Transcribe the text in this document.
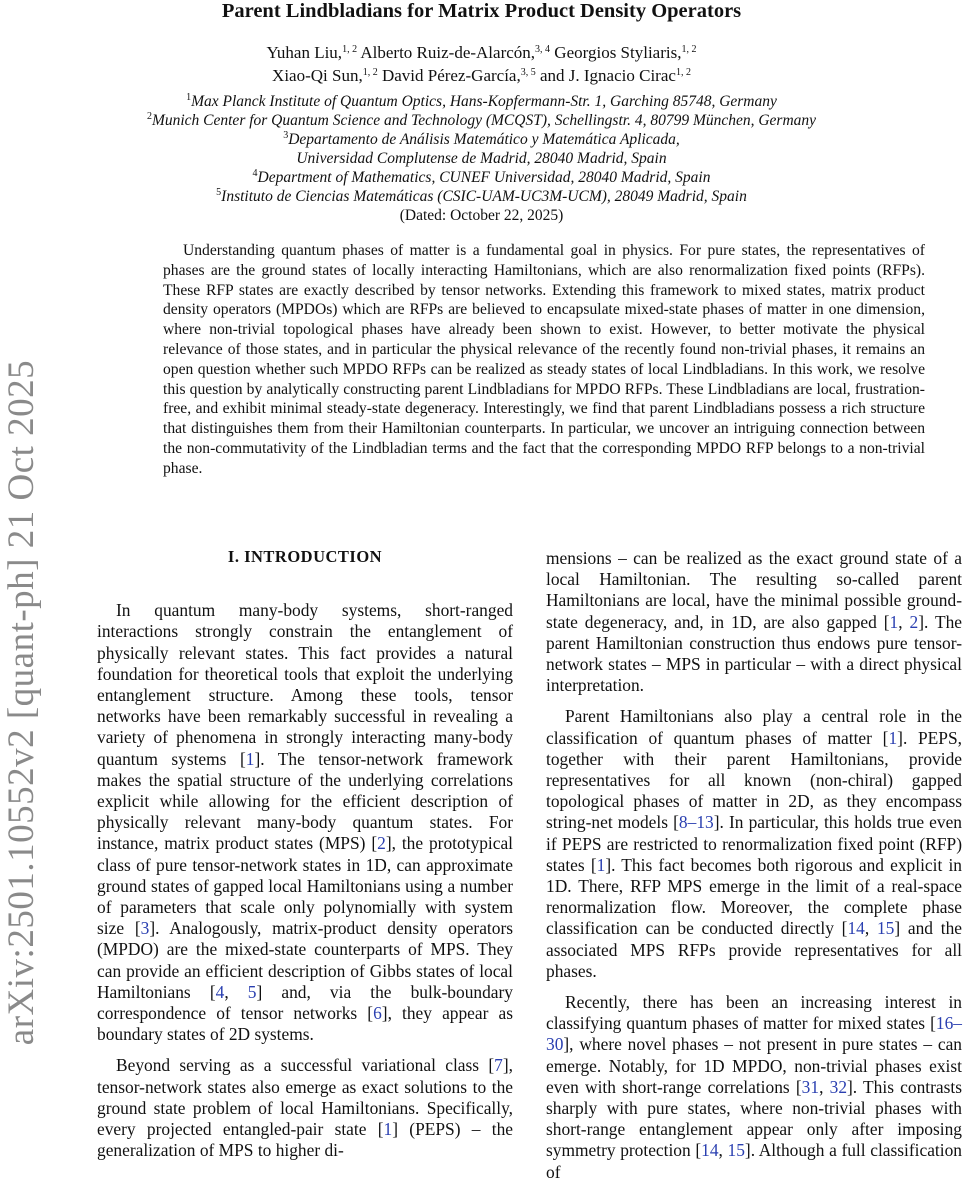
arXiv:2501.10552v2 [quant-ph] 21 Oct 2025
Parent Lindbladians for Matrix Product Density Operators
Yuhan Liu,$^{1, 2}$ Alberto Ruiz-de-Alarcón,$^{3, 4}$ Georgios Styliaris,$^{1, 2}$
Xiao-Qi Sun,$^{1, 2}$ David Pérez-García,$^{3, 5}$ and J. Ignacio Cirac$^{1, 2}$
$^1$Max Planck Institute of Quantum Optics, Hans-Kopfermann-Str. 1, Garching 85748, Germany
$^2$Munich Center for Quantum Science and Technology (MCQST), Schellingstr. 4, 80799 München, Germany
$^3$Departamento de Análisis Matemático y Matemática Aplicada,
Universidad Complutense de Madrid, 28040 Madrid, Spain
$^4$Department of Mathematics, CUNEF Universidad, 28040 Madrid, Spain
$^5$Instituto de Ciencias Matemáticas (CSIC-UAM-UC3M-UCM), 28049 Madrid, Spain
(Dated: October 22, 2025)
Understanding quantum phases of matter is a fundamental goal in physics. For pure states, the representatives of phases are the ground states of locally interacting Hamiltonians, which are also renormalization fixed points (RFPs). These RFP states are exactly described by tensor networks. Extending this framework to mixed states, matrix product density operators (MPDOs) which are RFPs are believed to encapsulate mixed-state phases of matter in one dimension, where non-trivial topological phases have already been shown to exist. However, to better motivate the physical relevance of those states, and in particular the physical relevance of the recently found non-trivial phases, it remains an open question whether such MPDO RFPs can be realized as steady states of local Lindbladians. In this work, we resolve this question by analytically constructing parent Lindbladians for MPDO RFPs. These Lindbladians are local, frustration-free, and exhibit minimal steady-state degeneracy. Interestingly, we find that parent Lindbladians possess a rich structure that distinguishes them from their Hamiltonian counterparts. In particular, we uncover an intriguing connection between the non-commutativity of the Lindbladian terms and the fact that the corresponding MPDO RFP belongs to a non-trivial phase.
I. INTRODUCTION

In quantum many-body systems, short-ranged interactions strongly constrain the entanglement of physically relevant states. This fact provides a natural foundation for theoretical tools that exploit the underlying entanglement structure. Among these tools, tensor networks have been remarkably successful in revealing a variety of phenomena in strongly interacting many-body quantum systems [1]. The tensor-network framework makes the spatial structure of the underlying correlations explicit while allowing for the efficient description of physically relevant many-body quantum states. For instance, matrix product states (MPS) [2], the prototypical class of pure tensor-network states in 1D, can approximate ground states of gapped local Hamiltonians using a number of parameters that scale only polynomially with system size [3]. Analogously, matrix-product density operators (MPDO) are the mixed-state counterparts of MPS. They can provide an efficient description of Gibbs states of local Hamiltonians [4, 5] and, via the bulk-boundary correspondence of tensor networks [6], they appear as boundary states of 2D systems.

Beyond serving as a successful variational class [7], tensor-network states also emerge as exact solutions to the ground state problem of local Hamiltonians. Specifically, every projected entangled-pair state [1] (PEPS) – the generalization of MPS to higher di-

mensions – can be realized as the exact ground state of a local Hamiltonian. The resulting so-called parent Hamiltonians are local, have the minimal possible ground-state degeneracy, and, in 1D, are also gapped [1, 2]. The parent Hamiltonian construction thus endows pure tensor-network states – MPS in particular – with a direct physical interpretation.

Parent Hamiltonians also play a central role in the classification of quantum phases of matter [1]. PEPS, together with their parent Hamiltonians, provide representatives for all known (non-chiral) gapped topological phases of matter in 2D, as they encompass string-net models [8–13]. In particular, this holds true even if PEPS are restricted to renormalization fixed point (RFP) states [1]. This fact becomes both rigorous and explicit in 1D. There, RFP MPS emerge in the limit of a real-space renormalization flow. Moreover, the complete phase classification can be conducted directly [14, 15] and the associated MPS RFPs provide representatives for all phases.

Recently, there has been an increasing interest in classifying quantum phases of matter for mixed states [16–30], where novel phases – not present in pure states – can emerge. Notably, for 1D MPDO, non-trivial phases exist even with short-range correlations [31, 32]. This contrasts sharply with pure states, where non-trivial phases with short-range entanglement appear only after imposing symmetry protection [14, 15]. Although a full classification of
